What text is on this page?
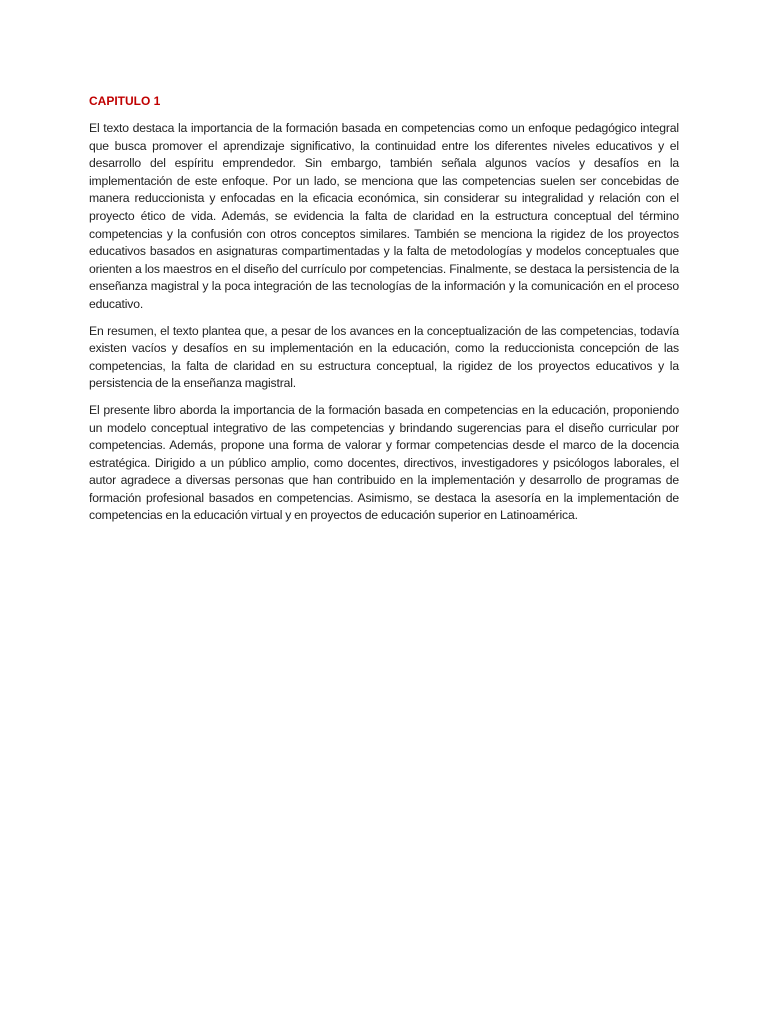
CAPITULO 1

El texto destaca la importancia de la formación basada en competencias como un enfoque pedagógico integral que busca promover el aprendizaje significativo, la continuidad entre los diferentes niveles educativos y el desarrollo del espíritu emprendedor. Sin embargo, también señala algunos vacíos y desafíos en la implementación de este enfoque. Por un lado, se menciona que las competencias suelen ser concebidas de manera reduccionista y enfocadas en la eficacia económica, sin considerar su integralidad y relación con el proyecto ético de vida. Además, se evidencia la falta de claridad en la estructura conceptual del término competencias y la confusión con otros conceptos similares. También se menciona la rigidez de los proyectos educativos basados en asignaturas compartimentadas y la falta de metodologías y modelos conceptuales que orienten a los maestros en el diseño del currículo por competencias. Finalmente, se destaca la persistencia de la enseñanza magistral y la poca integración de las tecnologías de la información y la comunicación en el proceso educativo.

En resumen, el texto plantea que, a pesar de los avances en la conceptualización de las competencias, todavía existen vacíos y desafíos en su implementación en la educación, como la reduccionista concepción de las competencias, la falta de claridad en su estructura conceptual, la rigidez de los proyectos educativos y la persistencia de la enseñanza magistral.

El presente libro aborda la importancia de la formación basada en competencias en la educación, proponiendo un modelo conceptual integrativo de las competencias y brindando sugerencias para el diseño curricular por competencias. Además, propone una forma de valorar y formar competencias desde el marco de la docencia estratégica. Dirigido a un público amplio, como docentes, directivos, investigadores y psicólogos laborales, el autor agradece a diversas personas que han contribuido en la implementación y desarrollo de programas de formación profesional basados en competencias. Asimismo, se destaca la asesoría en la implementación de competencias en la educación virtual y en proyectos de educación superior en Latinoamérica.
